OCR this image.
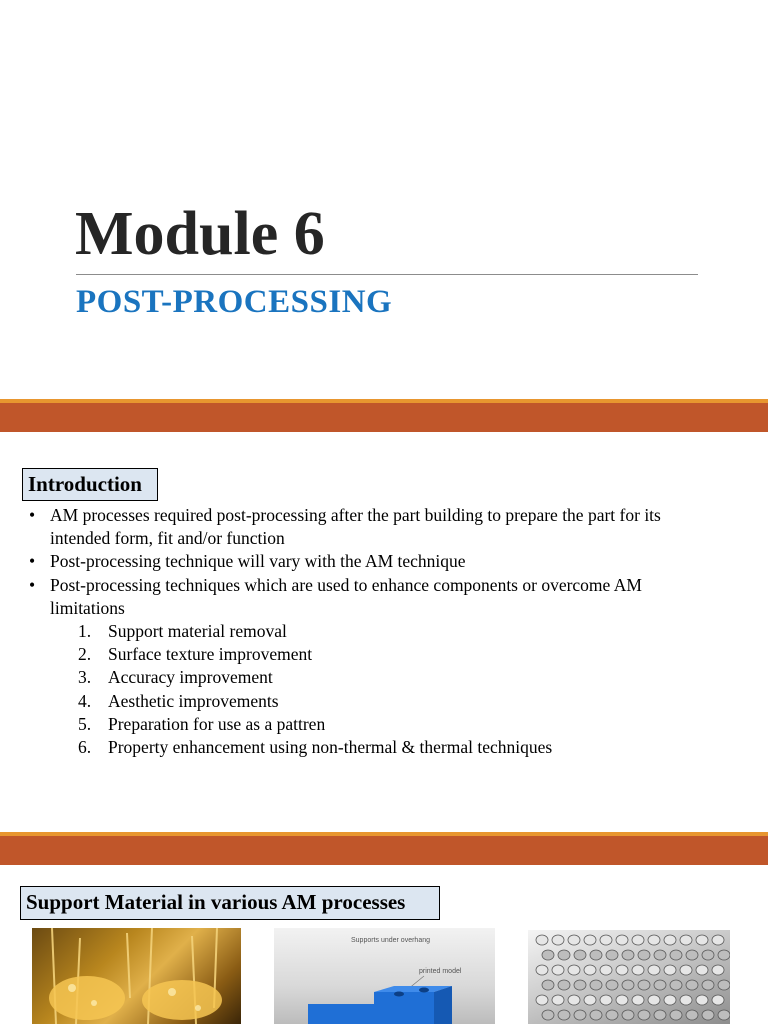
Module 6
POST-PROCESSING
Introduction
• AM processes required post-processing after the part building to prepare the part for its intended form, fit and/or function
• Post-processing technique will vary with the AM technique
• Post-processing techniques which are used to enhance components or overcome AM limitations
1. Support material removal
2. Surface texture improvement
3. Accuracy improvement
4. Aesthetic improvements
5. Preparation for use as a pattren
6. Property enhancement using non-thermal & thermal techniques
Support Material in various AM processes
Supports under overhang
printed model
